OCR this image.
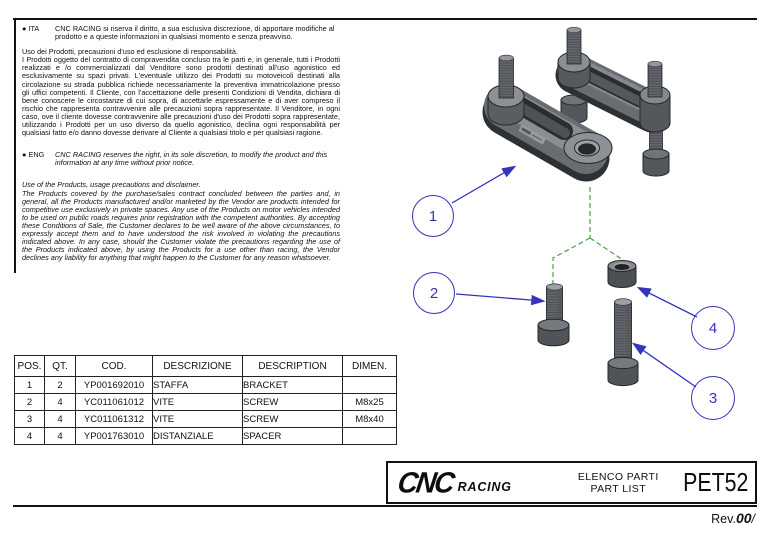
● ITA	CNC RACING si riserva il diritto, a sua esclusiva discrezione, di apportare modifiche al prodotto e a queste informazioni in qualsiasi momento e senza preavviso.

Uso dei Prodotti, precauzioni d'uso ed esclusione di responsabilità.

I Prodotti oggetto del contratto di compravendita concluso tra le parti e, in generale, tutti i Prodotti realizzati e /o commercializzati dal Venditore sono prodotti destinati all'uso agonistico ed esclusivamente su spazi privati. L'eventuale utilizzo dei Prodotti su motoveicoli destinati alla circolazione su strada pubblica richiede necessariamente la preventiva immatricolazione presso gli uffici competenti. Il Cliente, con l'accettazione delle presenti Condizioni di Vendita, dichiara di bene conoscere le circostanze di cui sopra, di accettarle espressamente e di aver compreso il rischio che rappresenta contravvenire alle precauzioni sopra rappresentate. Il Venditore, in ogni caso, ove il cliente dovesse contravvenire alle precauzioni d'uso dei Prodotti sopra rappresentate, utilizzando i Prodotti per un uso diverso da quello agonistico, declina ogni responsabilità per qualsiasi fatto e/o danno dovesse derivare al Cliente a qualsiasi titolo e per qualsiasi ragione.

● ENG	CNC RACING reserves the right, in its sole discretion, to modify the product and this information at any time without prior notice.

Use of the Products, usage precautions and disclaimer.

The Products covered by the purchase/sales contract concluded between the parties and, in general, all the Products manufactured and/or marketed by the Vendor are products intended for competitive use exclusively in private spaces. Any use of the Products on motor vehicles intended to be used on public roads requires prior registration with the competent authorities. By accepting these Conditions of Sale, the Customer declares to be well aware of the above circumstances, to expressly accept them and to have understood the risk involved in violating the precautions indicated above. In any case, should the Customer violate the precautions regarding the use of the Products indicated above, by using the Products for a use other than racing, the Vendor declines any liability for anything that might happen to the Customer for any reason whatsoever.

1
2
3
4
POS.	QT.	COD.	DESCRIZIONE	DESCRIPTION	DIMEN.
1	2	YP001692010	STAFFA	BRACKET	
2	4	YC011061012	VITE	SCREW	M8x25
3	4	YC011061312	VITE	SCREW	M8x40
4	4	YP001763010	DISTANZIALE	SPACER	
CNC RACING
ELENCO PARTI
PART LIST	PET52
Rev.00/
